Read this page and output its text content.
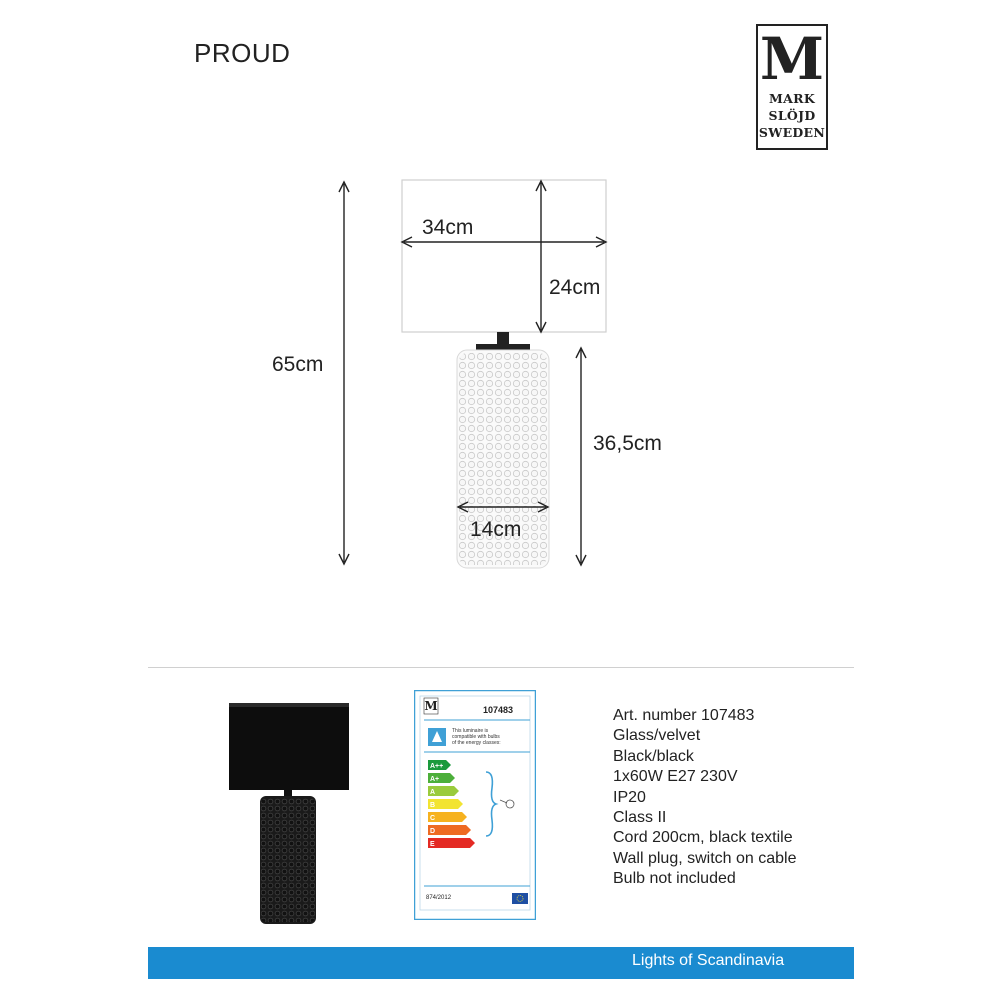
PROUD	M
MARK
SLÖJD
SWEDEN
34cm
24cm
65cm
36,5cm
14cm
M
A++ A+ A B C D E
107483
This luminaire is
compatible with bulbs
of the energy classes:
874/2012
Art. number 107483
Glass/velvet
Black/black
1x60W E27 230V
IP20
Class II
Cord 200cm, black textile
Wall plug, switch on cable
Bulb not included
Lights of Scandinavia
